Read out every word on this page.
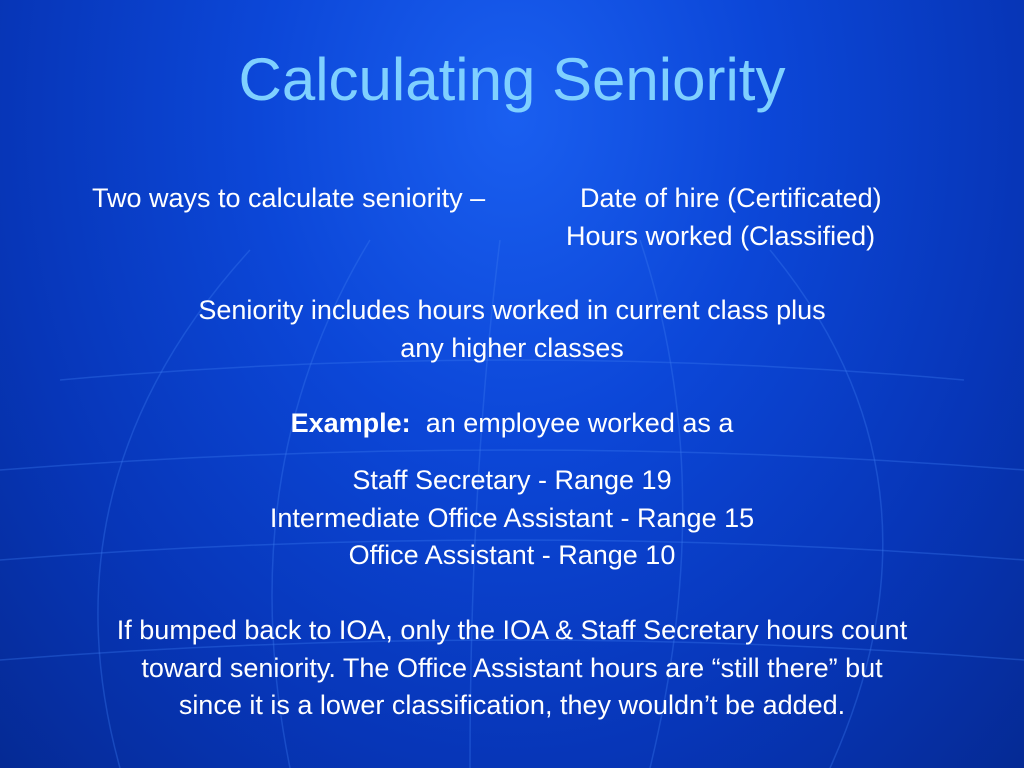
Calculating Seniority
Two ways to calculate seniority –	Date of hire (Certificated)
Hours worked (Classified)
Seniority includes hours worked in current class plus
any higher classes
Example: an employee worked as a
Staff Secretary - Range 19
Intermediate Office Assistant - Range 15
Office Assistant - Range 10
If bumped back to IOA, only the IOA & Staff Secretary hours count
toward seniority. The Office Assistant hours are “still there” but
since it is a lower classification, they wouldn’t be added.
